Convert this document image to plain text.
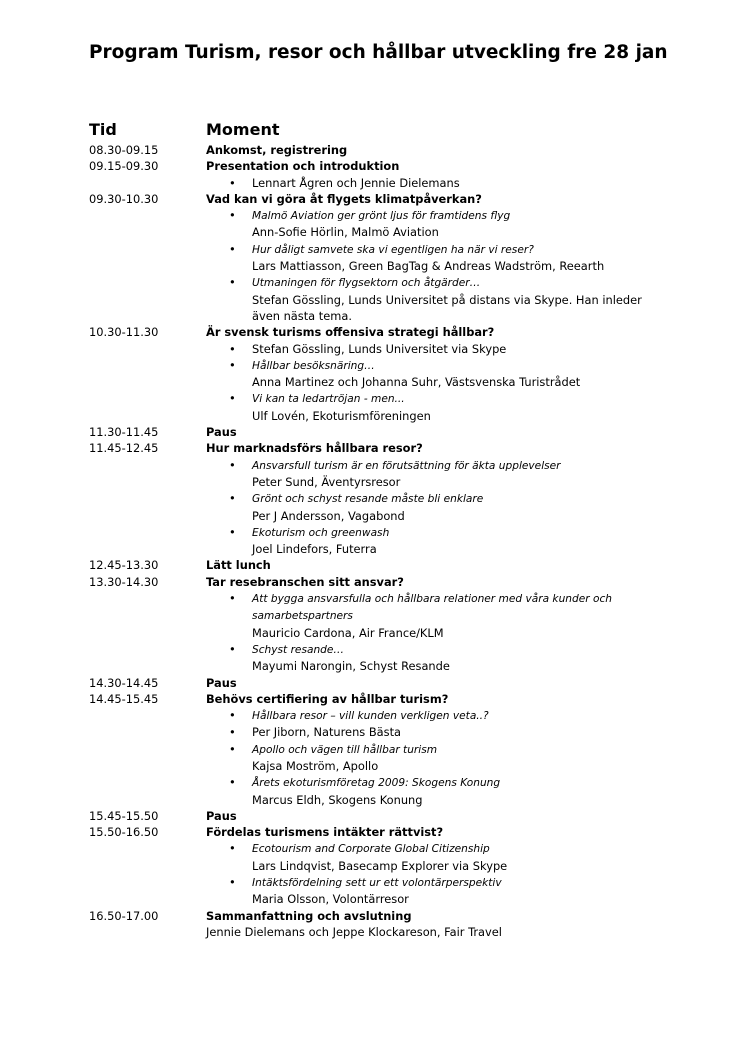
Program Turism, resor och hållbar utveckling fre 28 jan
Tid	Moment
08.30-09.15	Ankomst, registrering
09.15-09.30	Presentation och introduktion
• Lennart Ågren och Jennie Dielemans
09.30-10.30	Vad kan vi göra åt flygets klimatpåverkan?
• Malmö Aviation ger grönt ljus för framtidens flyg
Ann-Sofie Hörlin, Malmö Aviation
• Hur dåligt samvete ska vi egentligen ha när vi reser?
Lars Mattiasson, Green BagTag & Andreas Wadström, Reearth
• Utmaningen för flygsektorn och åtgärder…
Stefan Gössling, Lunds Universitet på distans via Skype. Han inleder även nästa tema.
10.30-11.30	Är svensk turisms offensiva strategi hållbar?
• Stefan Gössling, Lunds Universitet via Skype
• Hållbar besöksnäring…
Anna Martinez och Johanna Suhr, Västsvenska Turistrådet
• Vi kan ta ledartröjan - men...
Ulf Lovén, Ekoturismföreningen
11.30-11.45	Paus
11.45-12.45	Hur marknadsförs hållbara resor?
• Ansvarsfull turism är en förutsättning för äkta upplevelser
Peter Sund, Äventyrsresor
• Grönt och schyst resande måste bli enklare
Per J Andersson, Vagabond
• Ekoturism och greenwash
Joel Lindefors, Futerra
12.45-13.30	Lätt lunch
13.30-14.30	Tar resebranschen sitt ansvar?
• Att bygga ansvarsfulla och hållbara relationer med våra kunder och samarbetspartners
Mauricio Cardona, Air France/KLM
• Schyst resande…
Mayumi Narongin, Schyst Resande
14.30-14.45	Paus
14.45-15.45	Behövs certifiering av hållbar turism?
• Hållbara resor – vill kunden verkligen veta..?
• Per Jiborn, Naturens Bästa
• Apollo och vägen till hållbar turism
Kajsa Moström, Apollo
• Årets ekoturismföretag 2009: Skogens Konung
Marcus Eldh, Skogens Konung
15.45-15.50	Paus
15.50-16.50	Fördelas turismens intäkter rättvist?
• Ecotourism and Corporate Global Citizenship
Lars Lindqvist, Basecamp Explorer via Skype
• Intäktsfördelning sett ur ett volontärperspektiv
Maria Olsson, Volontärresor
16.50-17.00	Sammanfattning och avslutning
Jennie Dielemans och Jeppe Klockareson, Fair Travel
